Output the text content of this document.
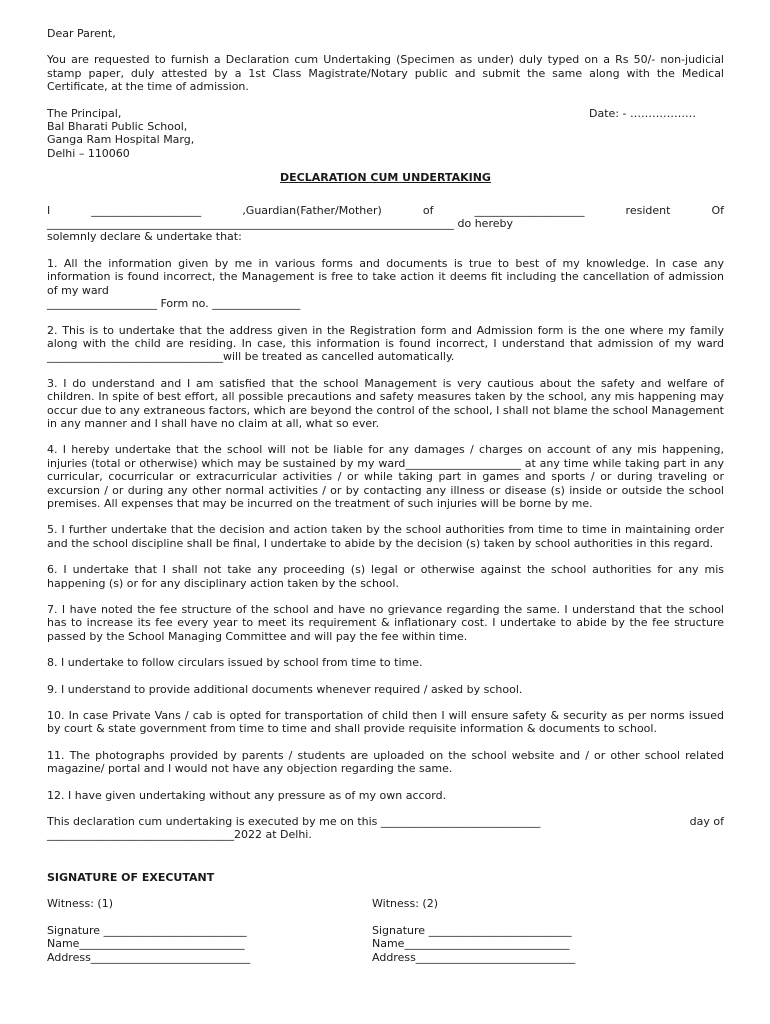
Dear Parent,

You are requested to furnish a Declaration cum Undertaking (Specimen as under) duly typed on a Rs 50/- non-judicial stamp paper, duly attested by a 1st Class Magistrate/Notary public and submit the same along with the Medical Certificate, at the time of admission.

The Principal,

Bal Bharati Public School,

Ganga Ram Hospital Marg,

Delhi – 110060

Date: - ………………

DECLARATION CUM UNDERTAKING

I	____________________	,Guardian(Father/Mother)	of	____________________	resident	Of

__________________________________________________________________________ do hereby

solemnly declare & undertake that:

1. All the information given by me in various forms and documents is true to best of my knowledge. In case any information is found incorrect, the Management is free to take action it deems fit including the cancellation of admission of my ward

____________________ Form no. ________________

2. This is to undertake that the address given in the Registration form and Admission form is the one where my family along with the child are residing. In case, this information is found incorrect, I understand that admission of my ward ________________________________will be treated as cancelled automatically.

3. I do understand and I am satisfied that the school Management is very cautious about the safety and welfare of children. In spite of best effort, all possible precautions and safety measures taken by the school, any mis happening may occur due to any extraneous factors, which are beyond the control of the school, I shall not blame the school Management in any manner and I shall have no claim at all, what so ever.

4. I hereby undertake that the school will not be liable for any damages / charges on account of any mis happening, injuries (total or otherwise) which may be sustained by my ward_____________________ at any time while taking part in any curricular, cocurricular or extracurricular activities / or while taking part in games and sports / or during traveling or excursion / or during any other normal activities / or by contacting any illness or disease (s) inside or outside the school premises. All expenses that may be incurred on the treatment of such injuries will be borne by me.

5. I further undertake that the decision and action taken by the school authorities from time to time in maintaining order and the school discipline shall be final, I undertake to abide by the decision (s) taken by school authorities in this regard.

6. I undertake that I shall not take any proceeding (s) legal or otherwise against the school authorities for any mis happening (s) or for any disciplinary action taken by the school.

7. I have noted the fee structure of the school and have no grievance regarding the same. I understand that the school has to increase its fee every year to meet its requirement & inflationary cost. I undertake to abide by the fee structure passed by the School Managing Committee and will pay the fee within time.

8. I undertake to follow circulars issued by school from time to time.

9. I understand to provide additional documents whenever required / asked by school.

10. In case Private Vans / cab is opted for transportation of child then I will ensure safety & security as per norms issued by court & state government from time to time and shall provide requisite information & documents to school.

11. The photographs provided by parents / students are uploaded on the school website and / or other school related magazine/ portal and I would not have any objection regarding the same.

12. I have given undertaking without any pressure as of my own accord.

This declaration cum undertaking is executed by me on this _____________________________	day of

__________________________________2022 at Delhi.

SIGNATURE OF EXECUTANT

Witness: (1)

Signature __________________________

Name______________________________

Address_____________________________

Witness: (2)

Signature __________________________

Name______________________________

Address_____________________________
